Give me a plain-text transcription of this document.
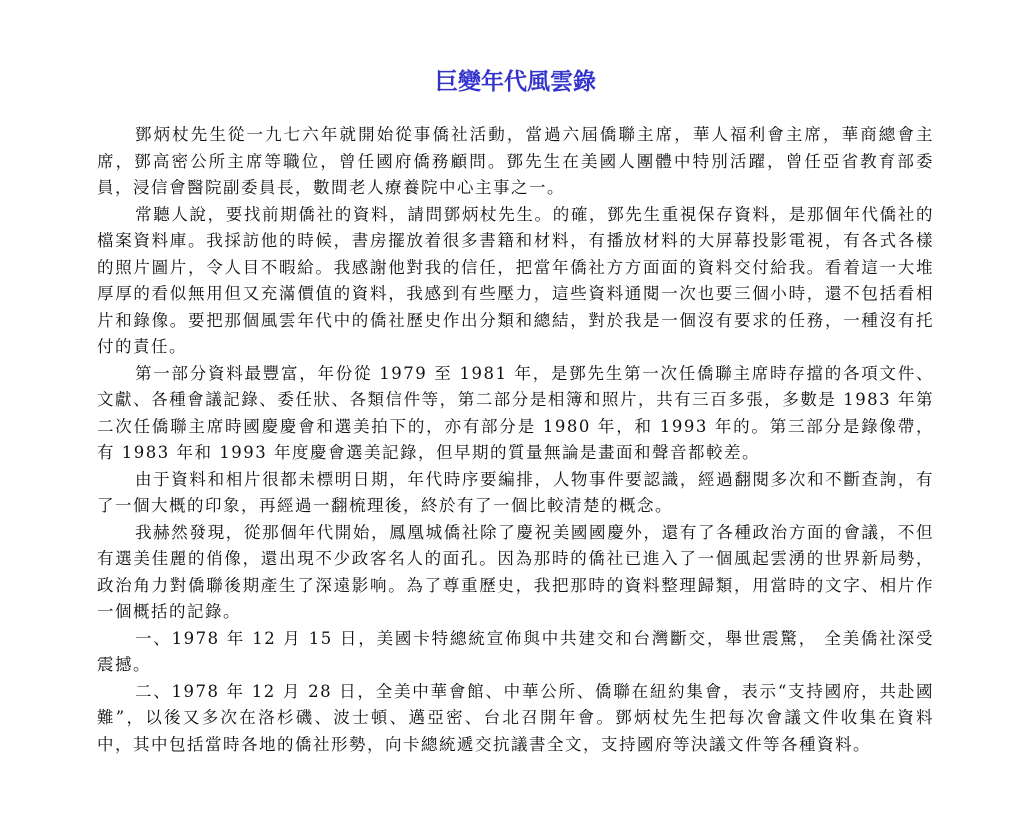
巨變年代風雲錄

鄧炳杖先生從一九七六年就開始從事僑社活動，當過六屆僑聯主席，華人福利會主席，華商總會主席，鄧高密公所主席等職位，曾任國府僑務顧問。鄧先生在美國人團體中特別活躍，曾任亞省教育部委員，浸信會醫院副委員長，數間老人療養院中心主事之一。

常聽人說，要找前期僑社的資料，請問鄧炳杖先生。的確，鄧先生重視保存資料，是那個年代僑社的檔案資料庫。我採訪他的時候，書房擺放着很多書籍和材料，有播放材料的大屏幕投影電視，有各式各樣的照片圖片，令人目不暇給。我感謝他對我的信任，把當年僑社方方面面的資料交付給我。看着這一大堆厚厚的看似無用但又充滿價值的資料，我感到有些壓力，這些資料通閱一次也要三個小時，還不包括看相片和錄像。要把那個風雲年代中的僑社歷史作出分類和總結，對於我是一個沒有要求的任務，一種沒有托付的責任。

第一部分資料最豐富，年份從 1979 至 1981 年，是鄧先生第一次任僑聯主席時存擋的各項文件、文獻、各種會議記錄、委任狀、各類信件等，第二部分是相簿和照片，共有三百多張，多數是 1983 年第二次任僑聯主席時國慶慶會和選美拍下的，亦有部分是 1980 年，和 1993 年的。第三部分是錄像帶，有 1983 年和 1993 年度慶會選美記錄，但早期的質量無論是畫面和聲音都較差。

由于資料和相片很都未標明日期，年代時序要編排，人物事件要認識，經過翻閱多次和不斷查詢，有了一個大概的印象，再經過一翻梳理後，終於有了一個比較清楚的概念。

我赫然發現，從那個年代開始，鳳凰城僑社除了慶祝美國國慶外，還有了各種政治方面的會議，不但有選美佳麗的俏像，還出現不少政客名人的面孔。因為那時的僑社已進入了一個風起雲湧的世界新局勢，政治角力對僑聯後期產生了深遠影响。為了尊重歷史，我把那時的資料整理歸類，用當時的文字、相片作一個概括的記錄。

一、1978 年 12 月 15 日，美國卡特總統宣佈與中共建交和台灣斷交，舉世震驚， 全美僑社深受震撼。

二、1978 年 12 月 28 日，全美中華會館、中華公所、僑聯在紐約集會，表示“支持國府，共赴國難”，以後又多次在洛杉磯、波士頓、邁亞密、台北召開年會。鄧炳杖先生把每次會議文件收集在資料中，其中包括當時各地的僑社形勢，向卡總統遞交抗議書全文，支持國府等決議文件等各種資料。
